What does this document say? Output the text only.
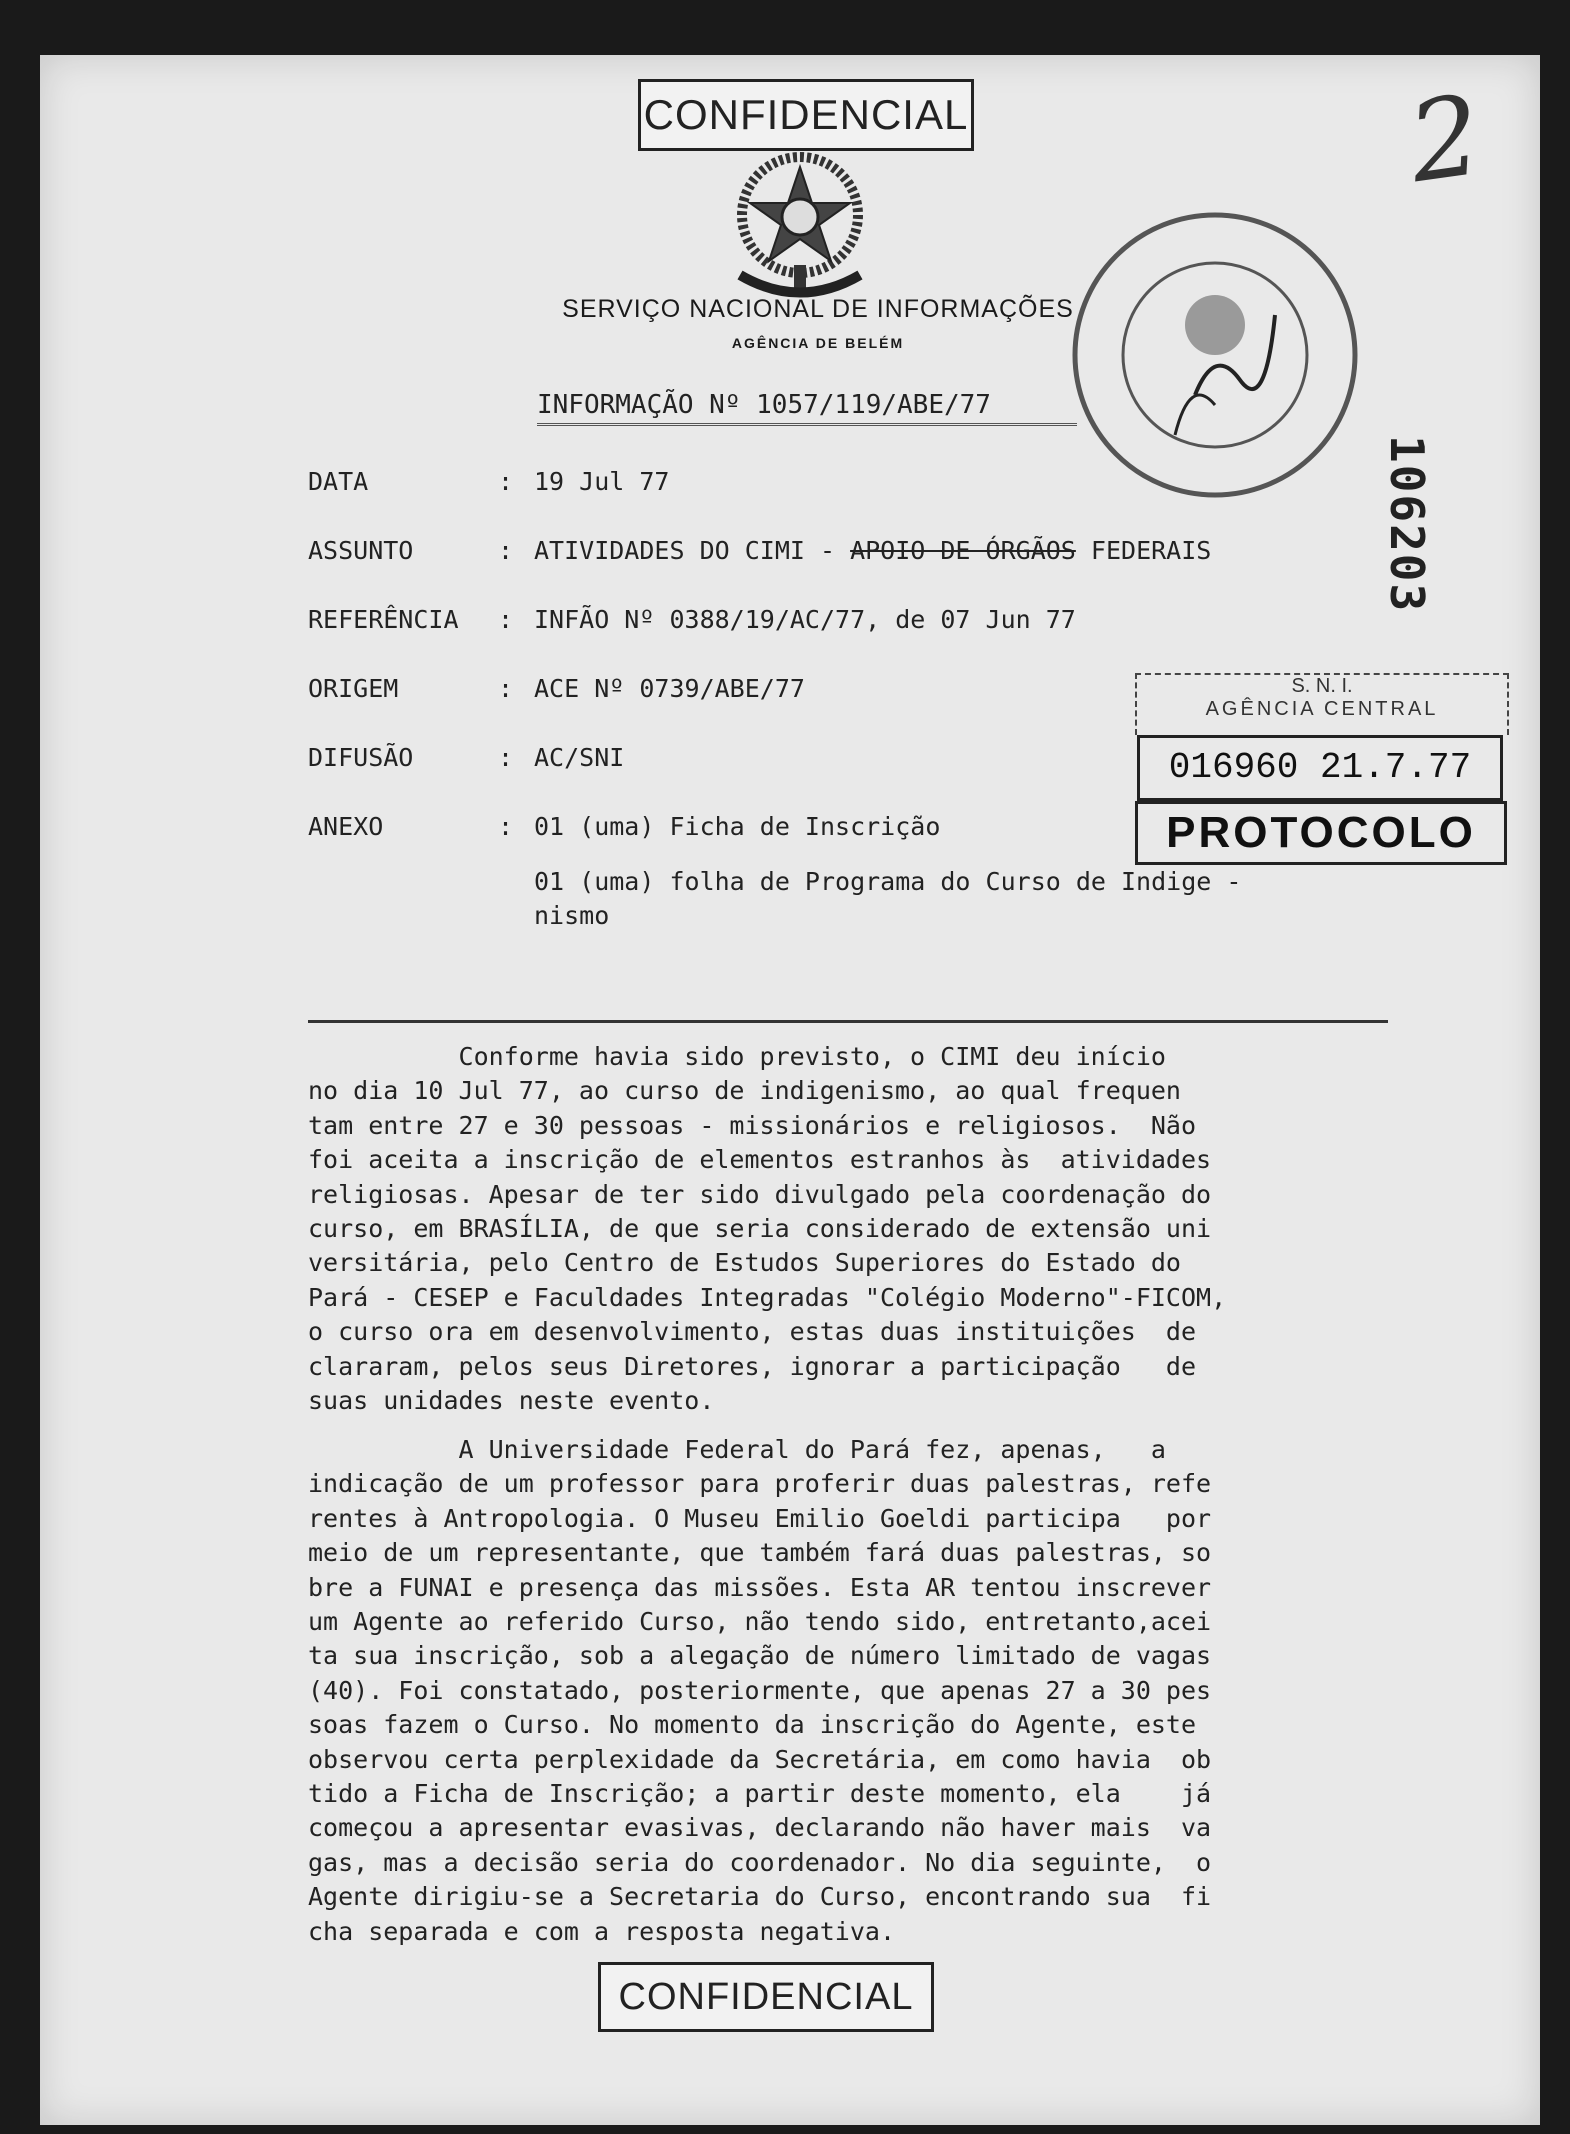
CONFIDENCIAL
SERVIÇO NACIONAL DE INFORMAÇÕES
AGÊNCIA DE BELÉM
INFORMAÇÃO Nº 1057/119/ABE/77
2
106203
DATA	: 19 Jul 77
ASSUNTO	: ATIVIDADES DO CIMI - APOIO DE ÓRGÃOS FEDERAIS
REFERÊNCIA : INFÃO Nº 0388/19/AC/77, de 07 Jun 77
ORIGEM	: ACE Nº 0739/ABE/77
DIFUSÃO	: AC/SNI
ANEXO	: 01 (uma) Ficha de Inscrição
01 (uma) folha de Programa do Curso de Indige -
nismo
S. N. I.
AGÊNCIA CENTRAL
016960 21.7.77
PROTOCOLO
Conforme havia sido previsto, o CIMI deu início
no dia 10 Jul 77, ao curso de indigenismo, ao qual frequen
tam entre 27 e 30 pessoas - missionários e religiosos.  Não
foi aceita a inscrição de elementos estranhos às  atividades
religiosas. Apesar de ter sido divulgado pela coordenação do
curso, em BRASÍLIA, de que seria considerado de extensão uni
versitária, pelo Centro de Estudos Superiores do Estado do
Pará - CESEP e Faculdades Integradas "Colégio Moderno"-FICOM,
o curso ora em desenvolvimento, estas duas instituições  de
clararam, pelos seus Diretores, ignorar a participação   de
suas unidades neste evento.
A Universidade Federal do Pará fez, apenas,   a
indicação de um professor para proferir duas palestras, refe
rentes à Antropologia. O Museu Emilio Goeldi participa   por
meio de um representante, que também fará duas palestras, so
bre a FUNAI e presença das missões. Esta AR tentou inscrever
um Agente ao referido Curso, não tendo sido, entretanto,acei
ta sua inscrição, sob a alegação de número limitado de vagas
(40). Foi constatado, posteriormente, que apenas 27 a 30 pes
soas fazem o Curso. No momento da inscrição do Agente, este
observou certa perplexidade da Secretária, em como havia  ob
tido a Ficha de Inscrição; a partir deste momento, ela    já
começou a apresentar evasivas, declarando não haver mais  va
gas, mas a decisão seria do coordenador. No dia seguinte,  o
Agente dirigiu-se a Secretaria do Curso, encontrando sua  fi
cha separada e com a resposta negativa.
CONFIDENCIAL
